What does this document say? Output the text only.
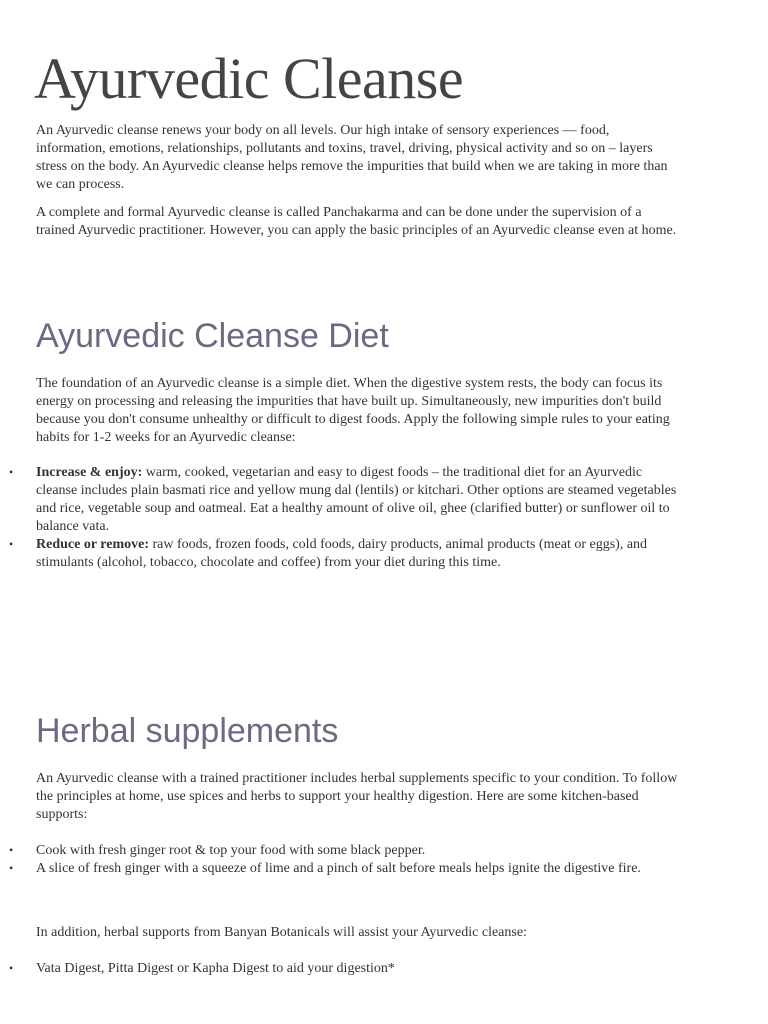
Ayurvedic Cleanse
An Ayurvedic cleanse renews your body on all levels. Our high intake of sensory experiences — food,
information, emotions, relationships, pollutants and toxins, travel, driving, physical activity and so on – layers
stress on the body. An Ayurvedic cleanse helps remove the impurities that build when we are taking in more than
we can process.
A complete and formal Ayurvedic cleanse is called Panchakarma and can be done under the supervision of a
trained Ayurvedic practitioner. However, you can apply the basic principles of an Ayurvedic cleanse even at home.
Ayurvedic Cleanse Diet
The foundation of an Ayurvedic cleanse is a simple diet. When the digestive system rests, the body can focus its
energy on processing and releasing the impurities that have built up. Simultaneously, new impurities don't build
because you don't consume unhealthy or difficult to digest foods. Apply the following simple rules to your eating
habits for 1-2 weeks for an Ayurvedic cleanse:
• Increase & enjoy: warm, cooked, vegetarian and easy to digest foods – the traditional diet for an Ayurvedic
cleanse includes plain basmati rice and yellow mung dal (lentils) or kitchari. Other options are steamed vegetables
and rice, vegetable soup and oatmeal. Eat a healthy amount of olive oil, ghee (clarified butter) or sunflower oil to
balance vata.
• Reduce or remove: raw foods, frozen foods, cold foods, dairy products, animal products (meat or eggs), and
stimulants (alcohol, tobacco, chocolate and coffee) from your diet during this time.
Herbal supplements
An Ayurvedic cleanse with a trained practitioner includes herbal supplements specific to your condition. To follow
the principles at home, use spices and herbs to support your healthy digestion. Here are some kitchen-based
supports:
• Cook with fresh ginger root & top your food with some black pepper.
• A slice of fresh ginger with a squeeze of lime and a pinch of salt before meals helps ignite the digestive fire.
In addition, herbal supports from Banyan Botanicals will assist your Ayurvedic cleanse:
• Vata Digest, Pitta Digest or Kapha Digest to aid your digestion*
